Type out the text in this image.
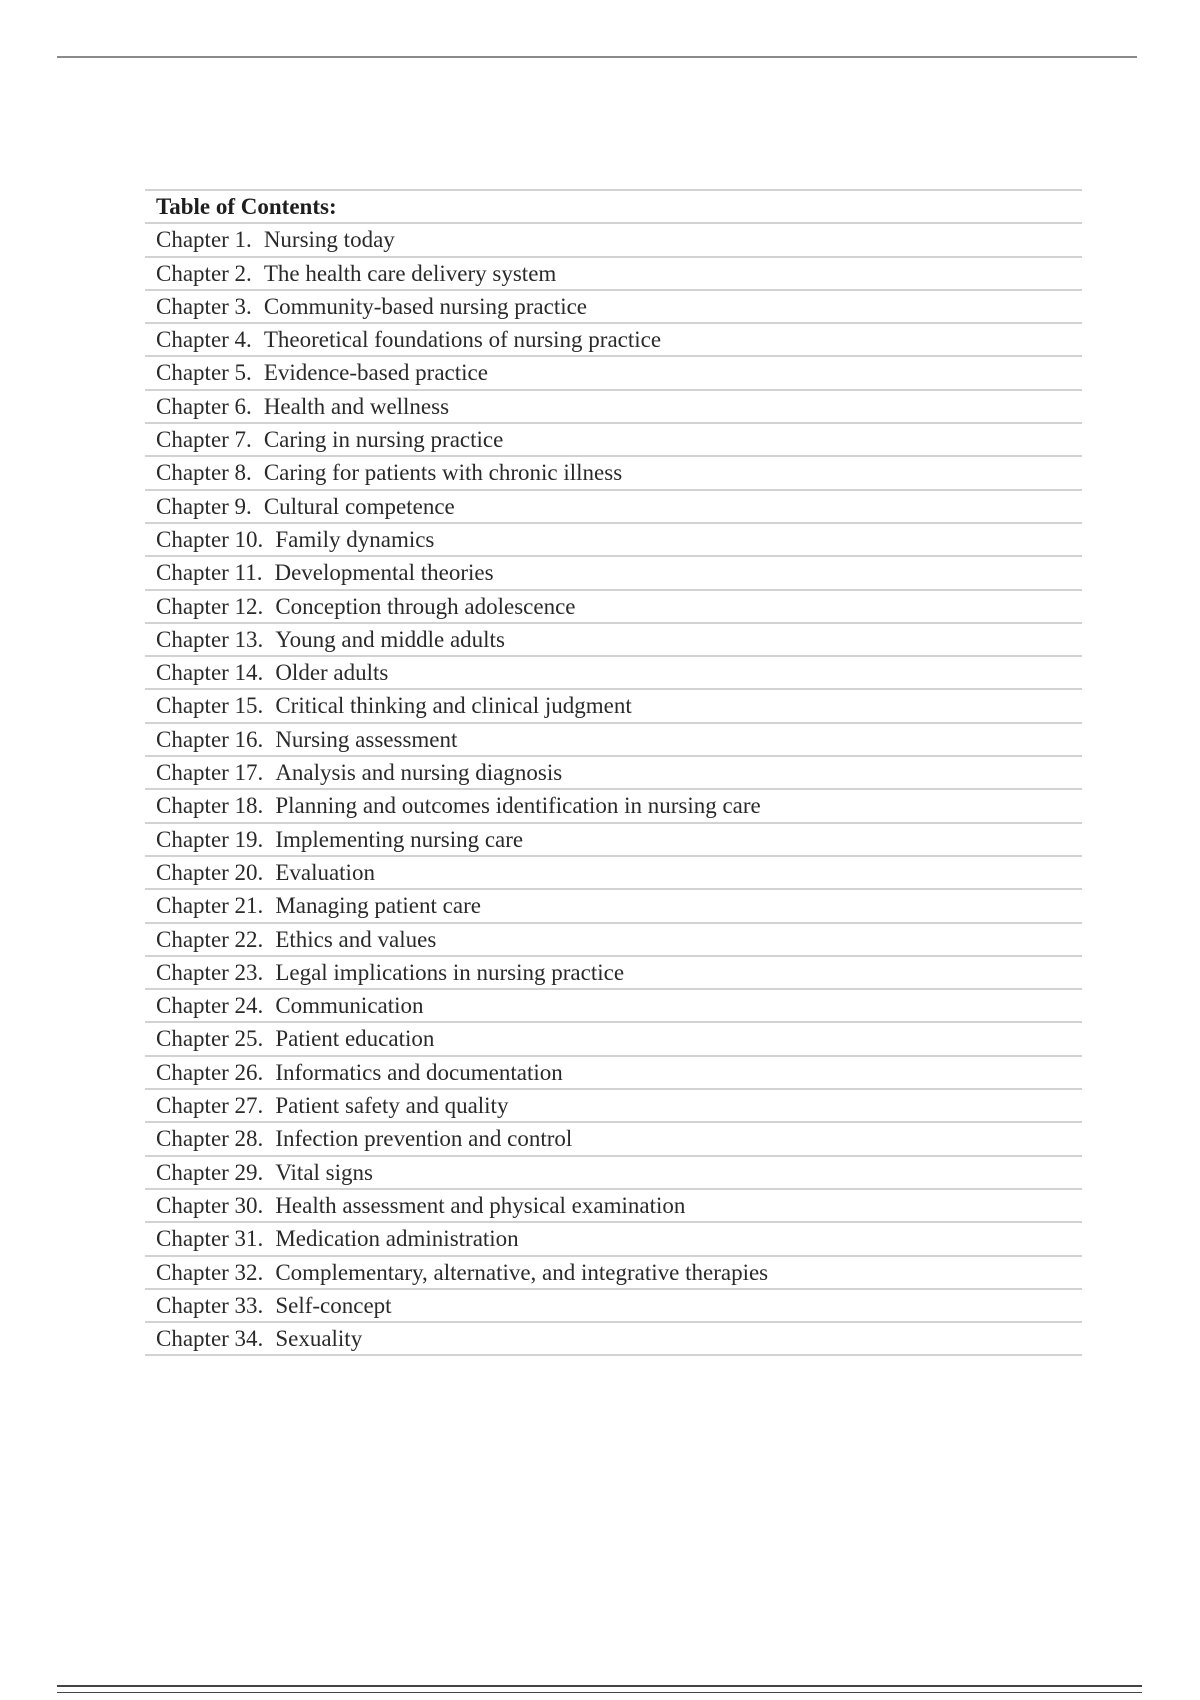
Table of Contents:
Chapter 1. Nursing today
Chapter 2. The health care delivery system
Chapter 3. Community-based nursing practice
Chapter 4. Theoretical foundations of nursing practice
Chapter 5. Evidence-based practice
Chapter 6. Health and wellness
Chapter 7. Caring in nursing practice
Chapter 8. Caring for patients with chronic illness
Chapter 9. Cultural competence
Chapter 10. Family dynamics
Chapter 11. Developmental theories
Chapter 12. Conception through adolescence
Chapter 13. Young and middle adults
Chapter 14. Older adults
Chapter 15. Critical thinking and clinical judgment
Chapter 16. Nursing assessment
Chapter 17. Analysis and nursing diagnosis
Chapter 18. Planning and outcomes identification in nursing care
Chapter 19. Implementing nursing care
Chapter 20. Evaluation
Chapter 21. Managing patient care
Chapter 22. Ethics and values
Chapter 23. Legal implications in nursing practice
Chapter 24. Communication
Chapter 25. Patient education
Chapter 26. Informatics and documentation
Chapter 27. Patient safety and quality
Chapter 28. Infection prevention and control
Chapter 29. Vital signs
Chapter 30. Health assessment and physical examination
Chapter 31. Medication administration
Chapter 32. Complementary, alternative, and integrative therapies
Chapter 33. Self-concept
Chapter 34. Sexuality
